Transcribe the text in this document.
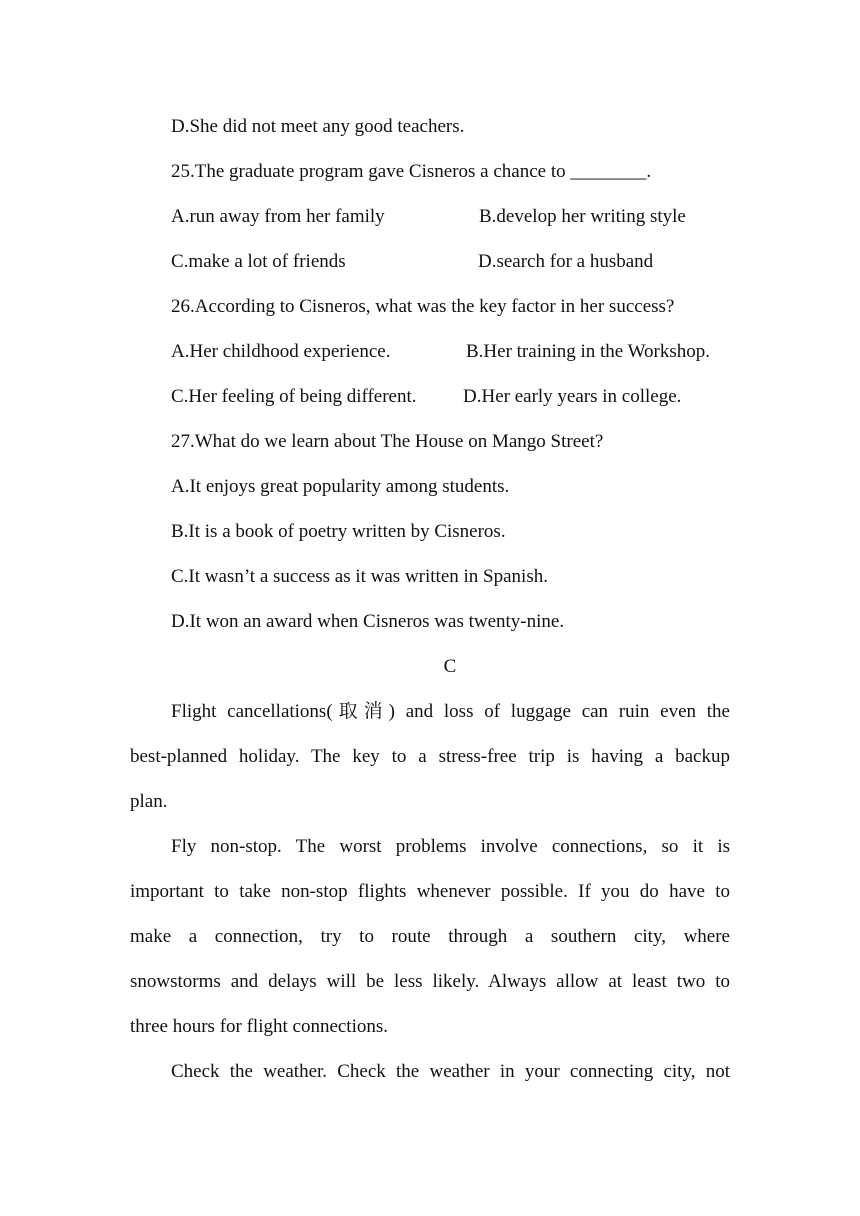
D.She did not meet any good teachers.
25.The graduate program gave Cisneros a chance to ________.
A.run away from her family	B.develop her writing style
C.make a lot of friends	D.search for a husband
26.According to Cisneros, what was the key factor in her success?
A.Her childhood experience.	B.Her training in the Workshop.
C.Her feeling of being different. D.Her early years in college.
27.What do we learn about The House on Mango Street?
A.It enjoys great popularity among students.
B.It is a book of poetry written by Cisneros.
C.It wasn’t a success as it was written in Spanish.
D.It won an award when Cisneros was twenty-nine.
C
Flight cancellations(取消) and loss of luggage can ruin even the
best-planned holiday. The key to a stress-free trip is having a backup
plan.
Fly non-stop. The worst problems involve connections, so it is
important to take non-stop flights whenever possible. If you do have to
make a connection, try to route through a southern city, where
snowstorms and delays will be less likely. Always allow at least two to
three hours for flight connections.
Check the weather. Check the weather in your connecting city, not
